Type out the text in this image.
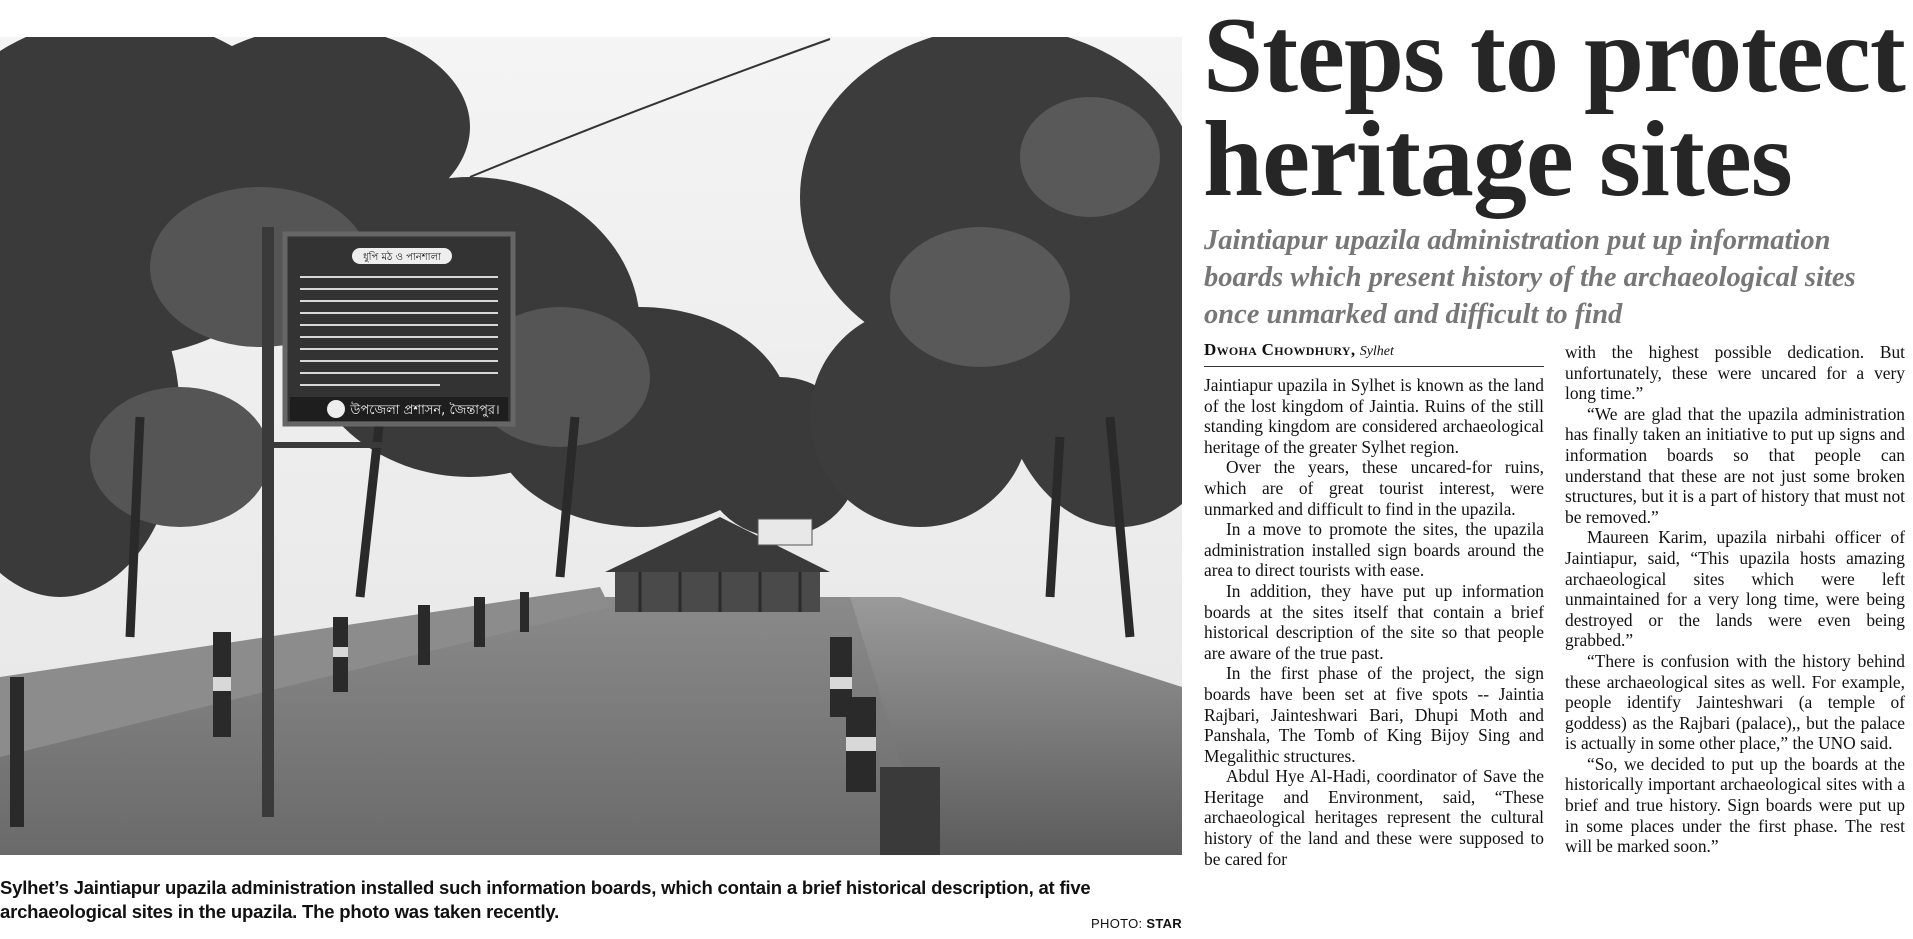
ধুপি মঠ ও পানশালা
উপজেলা প্রশাসন, জৈন্তাপুর।
Sylhet’s Jaintiapur upazila administration installed such information boards, which contain a brief historical description, at five archaeological sites in the upazila. The photo was taken recently.
PHOTO: STAR
Steps to protect heritage sites
Jaintiapur upazila administration put up information boards which present history of the archaeological sites once unmarked and difficult to find
Dwoha Chowdhury, Sylhet

Jaintiapur upazila in Sylhet is known as the land of the lost kingdom of Jaintia. Ruins of the still standing kingdom are considered archaeological heritage of the greater Sylhet region.

Over the years, these uncared-for ruins, which are of great tourist interest, were unmarked and difficult to find in the upazila.

In a move to promote the sites, the upazila administration installed sign boards around the area to direct tourists with ease.

In addition, they have put up information boards at the sites itself that contain a brief historical description of the site so that people are aware of the true past.

In the first phase of the project, the sign boards have been set at five spots -- Jaintia Rajbari, Jainteshwari Bari, Dhupi Moth and Panshala, The Tomb of King Bijoy Sing and Megalithic structures.

Abdul Hye Al-Hadi, coordinator of Save the Heritage and Environment, said, “These archaeological heritages represent the cultural history of the land and these were supposed to be cared for

with the highest possible dedication. But unfortunately, these were uncared for a very long time.”

“We are glad that the upazila administration has finally taken an initiative to put up signs and information boards so that people can understand that these are not just some broken structures, but it is a part of history that must not be removed.”

Maureen Karim, upazila nirbahi officer of Jaintiapur, said, “This upazila hosts amazing archaeological sites which were left unmaintained for a very long time, were being destroyed or the lands were even being grabbed.”

“There is confusion with the history behind these archaeological sites as well. For example, people identify Jainteshwari (a temple of goddess) as the Rajbari (palace),, but the palace is actually in some other place,” the UNO said.

“So, we decided to put up the boards at the historically important archaeological sites with a brief and true history. Sign boards were put up in some places under the first phase. The rest will be marked soon.”
